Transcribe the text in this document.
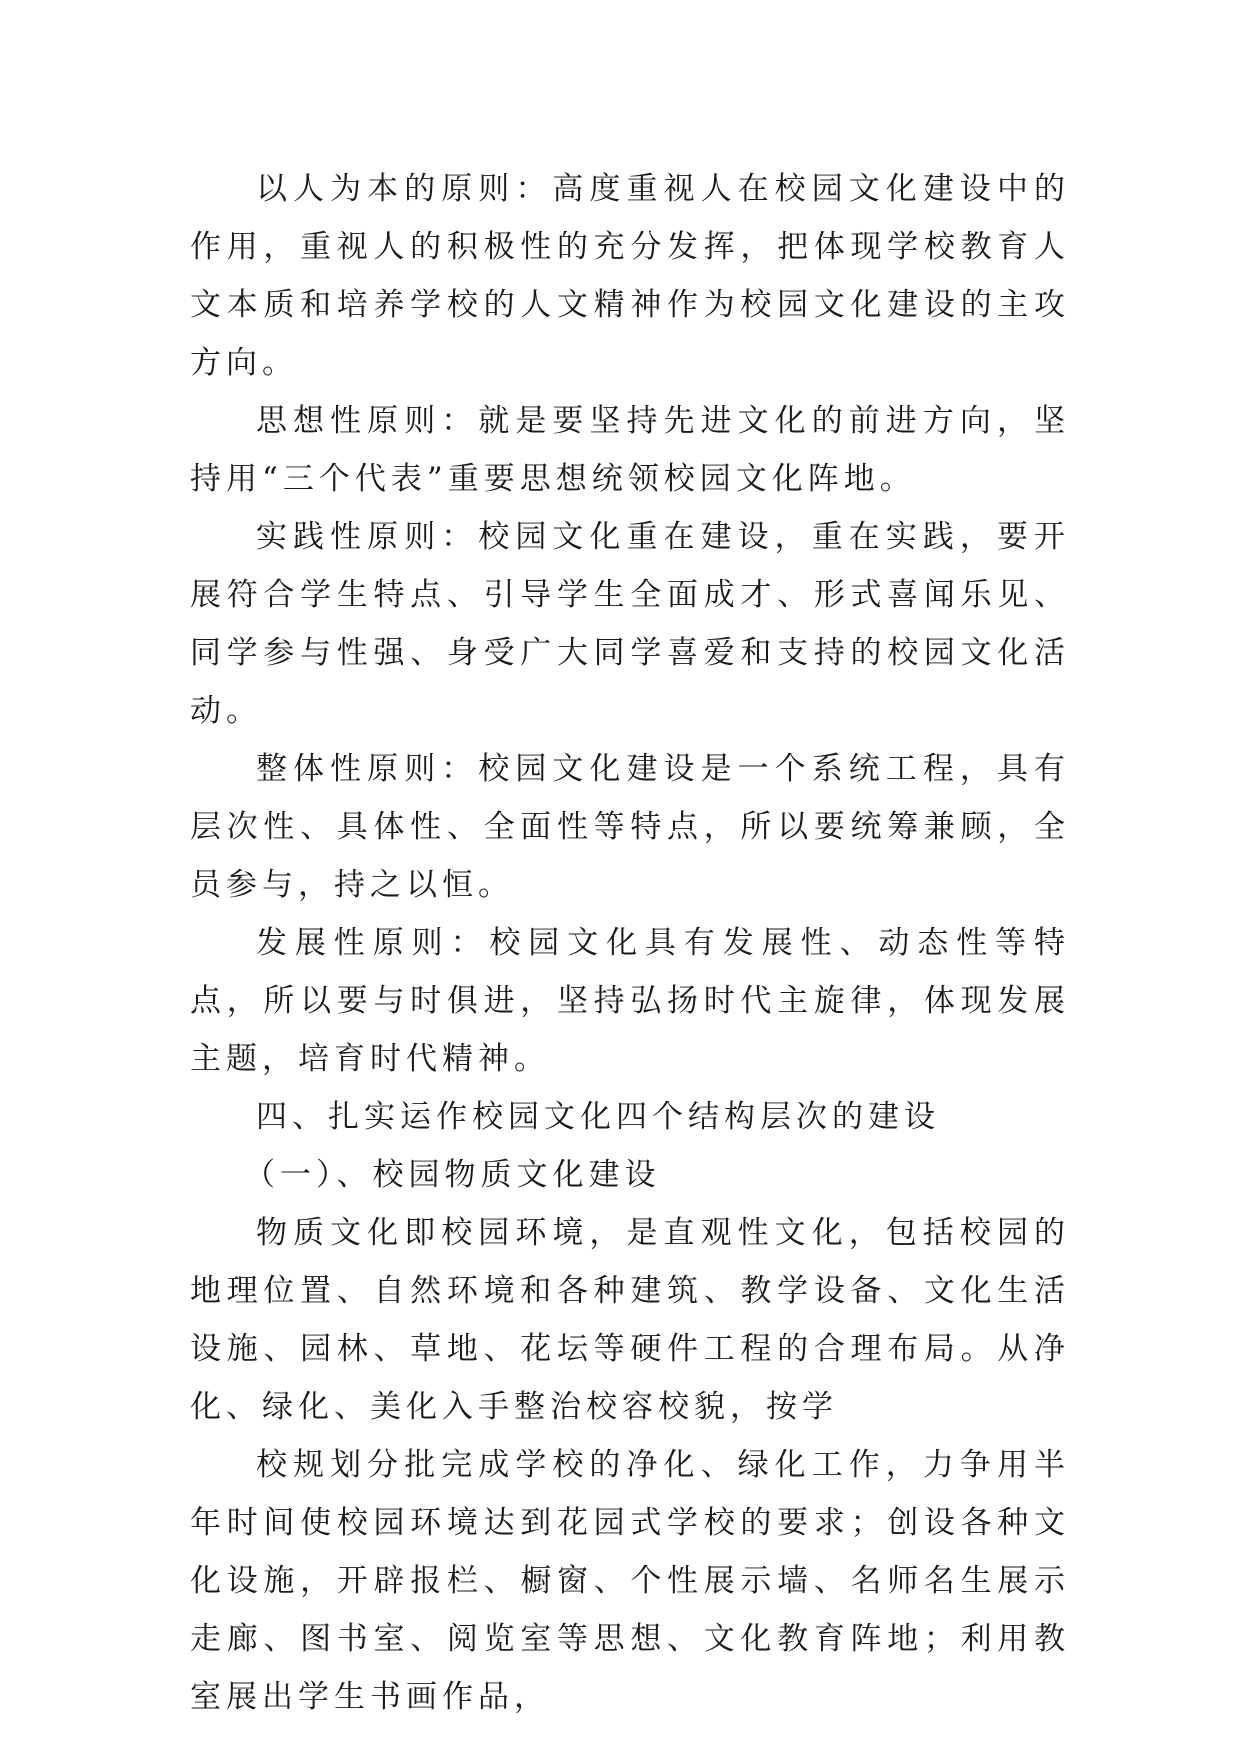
以人为本的原则：高度重视人在校园文化建设中的作用，重视人的积极性的充分发挥，把体现学校教育人文本质和培养学校的人文精神作为校园文化建设的主攻方向。

思想性原则：就是要坚持先进文化的前进方向，坚持用“三个代表”重要思想统领校园文化阵地。

实践性原则：校园文化重在建设，重在实践，要开展符合学生特点、引导学生全面成才、形式喜闻乐见、同学参与性强、身受广大同学喜爱和支持的校园文化活动。

整体性原则：校园文化建设是一个系统工程，具有层次性、具体性、全面性等特点，所以要统筹兼顾，全员参与，持之以恒。

发展性原则：校园文化具有发展性、动态性等特点，所以要与时俱进，坚持弘扬时代主旋律，体现发展主题，培育时代精神。

四、扎实运作校园文化四个结构层次的建设

（一）、校园物质文化建设

物质文化即校园环境，是直观性文化，包括校园的地理位置、自然环境和各种建筑、教学设备、文化生活设施、园林、草地、花坛等硬件工程的合理布局。从净化、绿化、美化入手整治校容校貌，按学

校规划分批完成学校的净化、绿化工作，力争用半年时间使校园环境达到花园式学校的要求；创设各种文化设施，开辟报栏、橱窗、个性展示墙、名师名生展示走廊、图书室、阅览室等思想、文化教育阵地；利用教室展出学生书画作品，
